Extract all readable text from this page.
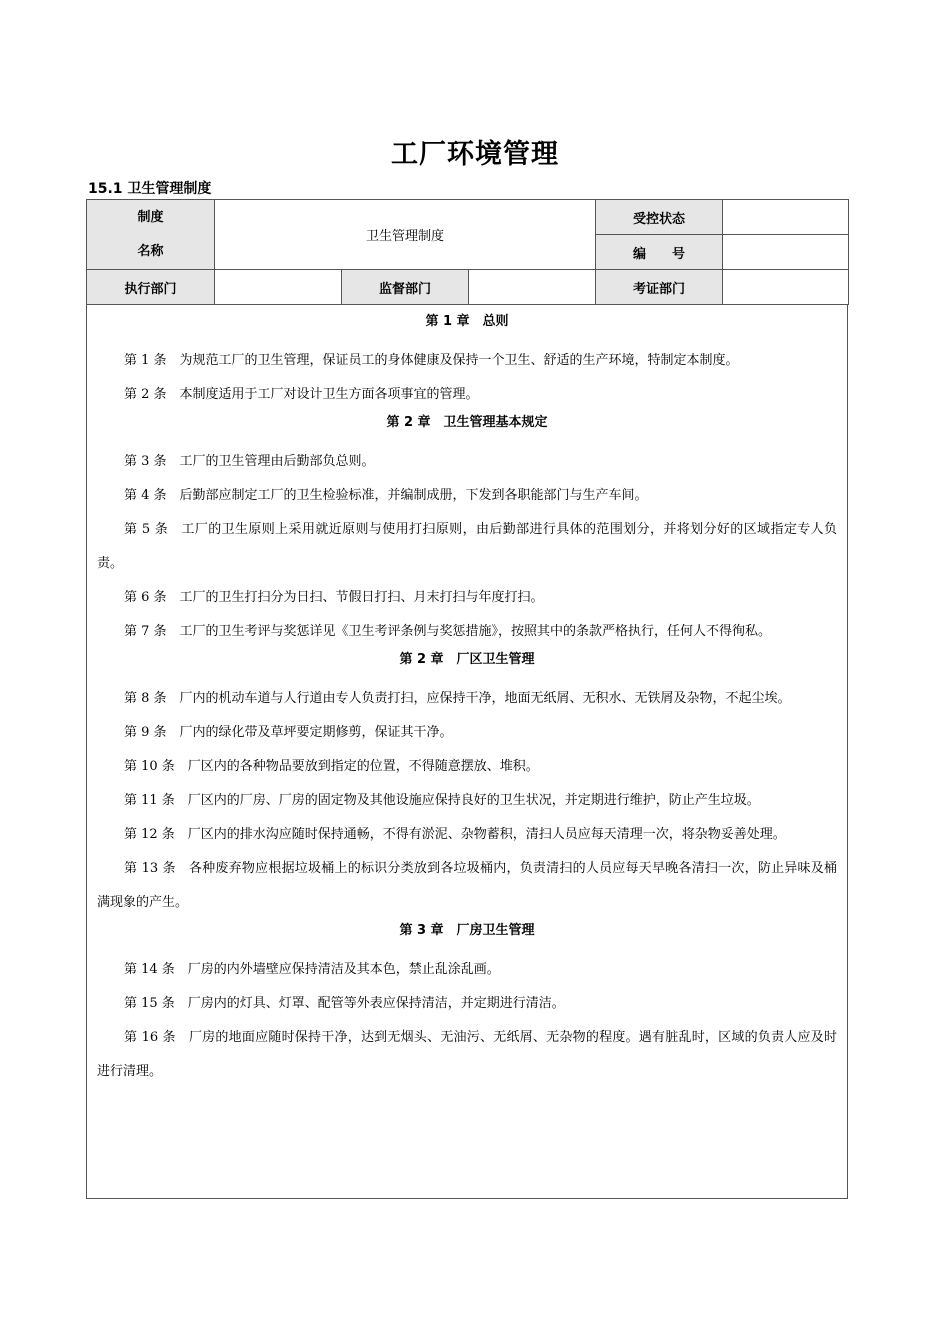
工厂环境管理
15.1 卫生管理制度
制度
名称	卫生管理制度			受控状态	
				编　　号	
执行部门		监督部门		考证部门	

第 1 章　总则

第 1 条　为规范工厂的卫生管理，保证员工的身体健康及保持一个卫生、舒适的生产环境，特制定本制度。

第 2 条　本制度适用于工厂对设计卫生方面各项事宜的管理。

第 2 章　卫生管理基本规定

第 3 条　工厂的卫生管理由后勤部负总则。

第 4 条　后勤部应制定工厂的卫生检验标准，并编制成册，下发到各职能部门与生产车间。

第 5 条　工厂的卫生原则上采用就近原则与使用打扫原则，由后勤部进行具体的范围划分，并将划分好的区域指定专人负责。

第 6 条　工厂的卫生打扫分为日扫、节假日打扫、月末打扫与年度打扫。

第 7 条　工厂的卫生考评与奖惩详见《卫生考评条例与奖惩措施》，按照其中的条款严格执行，任何人不得徇私。

第 2 章　厂区卫生管理

第 8 条　厂内的机动车道与人行道由专人负责打扫，应保持干净，地面无纸屑、无积水、无铁屑及杂物，不起尘埃。

第 9 条　厂内的绿化带及草坪要定期修剪，保证其干净。

第 10 条　厂区内的各种物品要放到指定的位置，不得随意摆放、堆积。

第 11 条　厂区内的厂房、厂房的固定物及其他设施应保持良好的卫生状况，并定期进行维护，防止产生垃圾。

第 12 条　厂区内的排水沟应随时保持通畅，不得有淤泥、杂物蓄积，清扫人员应每天清理一次，将杂物妥善处理。

第 13 条　各种废弃物应根据垃圾桶上的标识分类放到各垃圾桶内，负责清扫的人员应每天早晚各清扫一次，防止异味及桶满现象的产生。

第 3 章　厂房卫生管理

第 14 条　厂房的内外墙壁应保持清洁及其本色，禁止乱涂乱画。

第 15 条　厂房内的灯具、灯罩、配管等外表应保持清洁，并定期进行清洁。

第 16 条　厂房的地面应随时保持干净，达到无烟头、无油污、无纸屑、无杂物的程度。遇有脏乱时，区域的负责人应及时进行清理。
